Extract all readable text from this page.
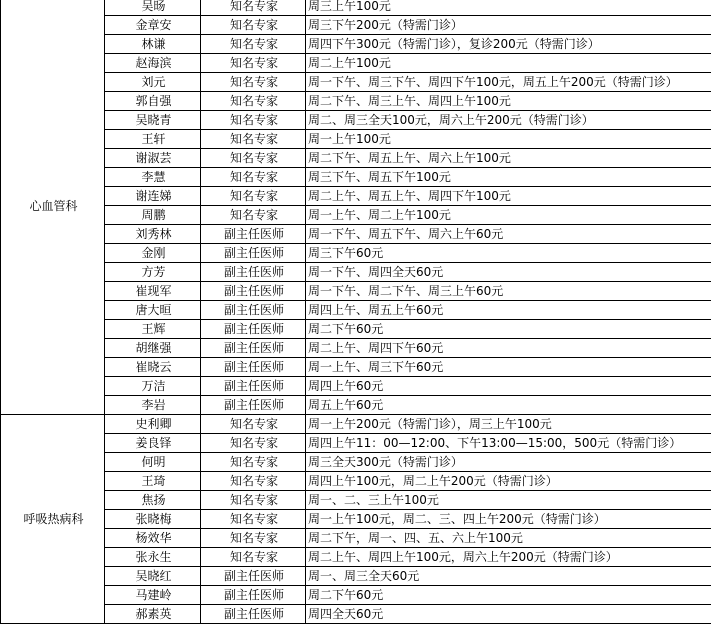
心血管科	吴旸	知名专家	周三上午100元
	金章安	知名专家	周三下午200元（特需门诊）
	林谦	知名专家	周四下午300元（特需门诊），复诊200元（特需门诊）
	赵海滨	知名专家	周二上午100元
	刘元	知名专家	周一下午、周三下午、周四下午100元，周五上午200元（特需门诊）
	郭自强	知名专家	周二下午、周三上午、周四上午100元
	吴晓青	知名专家	周二、周三全天100元，周六上午200元（特需门诊）
	王轩	知名专家	周一上午100元
	谢淑芸	知名专家	周二下午、周五上午、周六上午100元
	李慧	知名专家	周三下午、周五下午100元
	谢连娣	知名专家	周二上午、周五上午、周四下午100元
	周鹏	知名专家	周一上午、周二上午100元
	刘秀林	副主任医师	周一下午、周五下午、周六上午60元
	金刚	副主任医师	周三下午60元
	方芳	副主任医师	周一下午、周四全天60元
	崔现军	副主任医师	周一下午、周二下午、周三上午60元
	唐大晅	副主任医师	周四上午、周五上午60元
	王辉	副主任医师	周二下午60元
	胡继强	副主任医师	周二上午、周四下午60元
	崔晓云	副主任医师	周一上午、周三下午60元
	万洁	副主任医师	周四上午60元
	李岩	副主任医师	周五上午60元
呼吸热病科	史利卿	知名专家	周一上午200元（特需门诊），周三上午100元
	姜良铎	知名专家	周四上午11：00—12:00、下午13:00—15:00，500元（特需门诊）
	何明	知名专家	周三全天300元（特需门诊）
	王琦	知名专家	周四上午100元，周二上午200元（特需门诊）
	焦扬	知名专家	周一、二、三上午100元
	张晓梅	知名专家	周一上午100元，周二、三、四上午200元（特需门诊）
	杨效华	知名专家	周二下午，周一、四、五、六上午100元
	张永生	知名专家	周二上午、周四上午100元，周六上午200元（特需门诊）
	吴晓红	副主任医师	周一、周三全天60元
	马建岭	副主任医师	周二下午60元
	郝素英	副主任医师	周四全天60元
